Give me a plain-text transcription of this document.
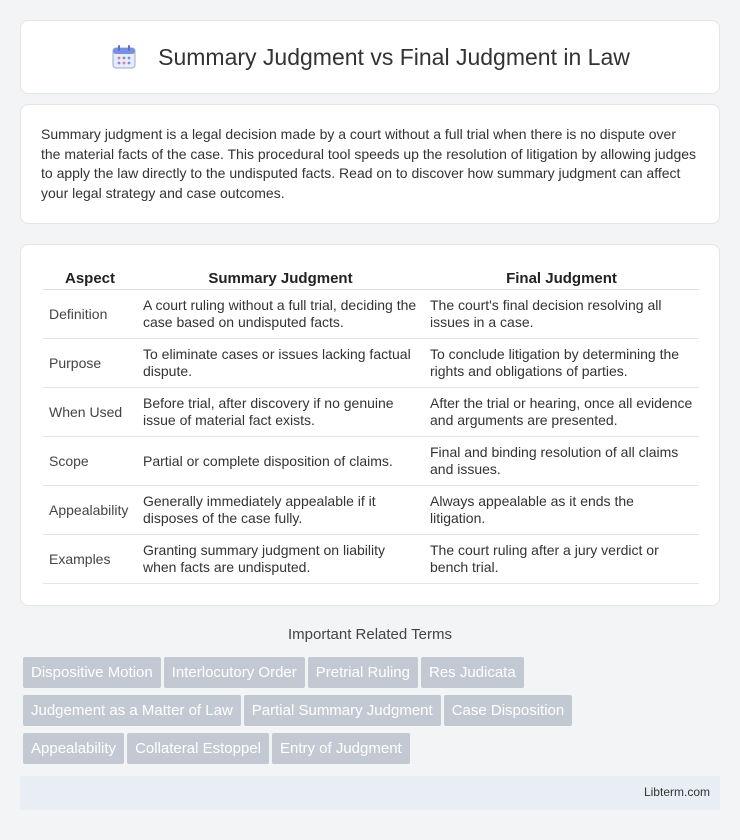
Summary Judgment vs Final Judgment in Law

Summary judgment is a legal decision made by a court without a full trial when there is no dispute over the material facts of the case. This procedural tool speeds up the resolution of litigation by allowing judges to apply the law directly to the undisputed facts. Read on to discover how summary judgment can affect your legal strategy and case outcomes.

Aspect	Summary Judgment	Final Judgment
Definition	A court ruling without a full trial, deciding the case based on undisputed facts.	The court's final decision resolving all issues in a case.
Purpose	To eliminate cases or issues lacking factual dispute.	To conclude litigation by determining the rights and obligations of parties.
When Used	Before trial, after discovery if no genuine issue of material fact exists.	After the trial or hearing, once all evidence and arguments are presented.
Scope	Partial or complete disposition of claims.	Final and binding resolution of all claims and issues.
Appealability	Generally immediately appealable if it disposes of the case fully.	Always appealable as it ends the litigation.
Examples	Granting summary judgment on liability when facts are undisputed.	The court ruling after a jury verdict or bench trial.
Important Related Terms
Dispositive Motion Interlocutory Order Pretrial Ruling Res Judicata
Judgement as a Matter of Law Partial Summary Judgment Case Disposition
Appealability Collateral Estoppel Entry of Judgment
Libterm.com
